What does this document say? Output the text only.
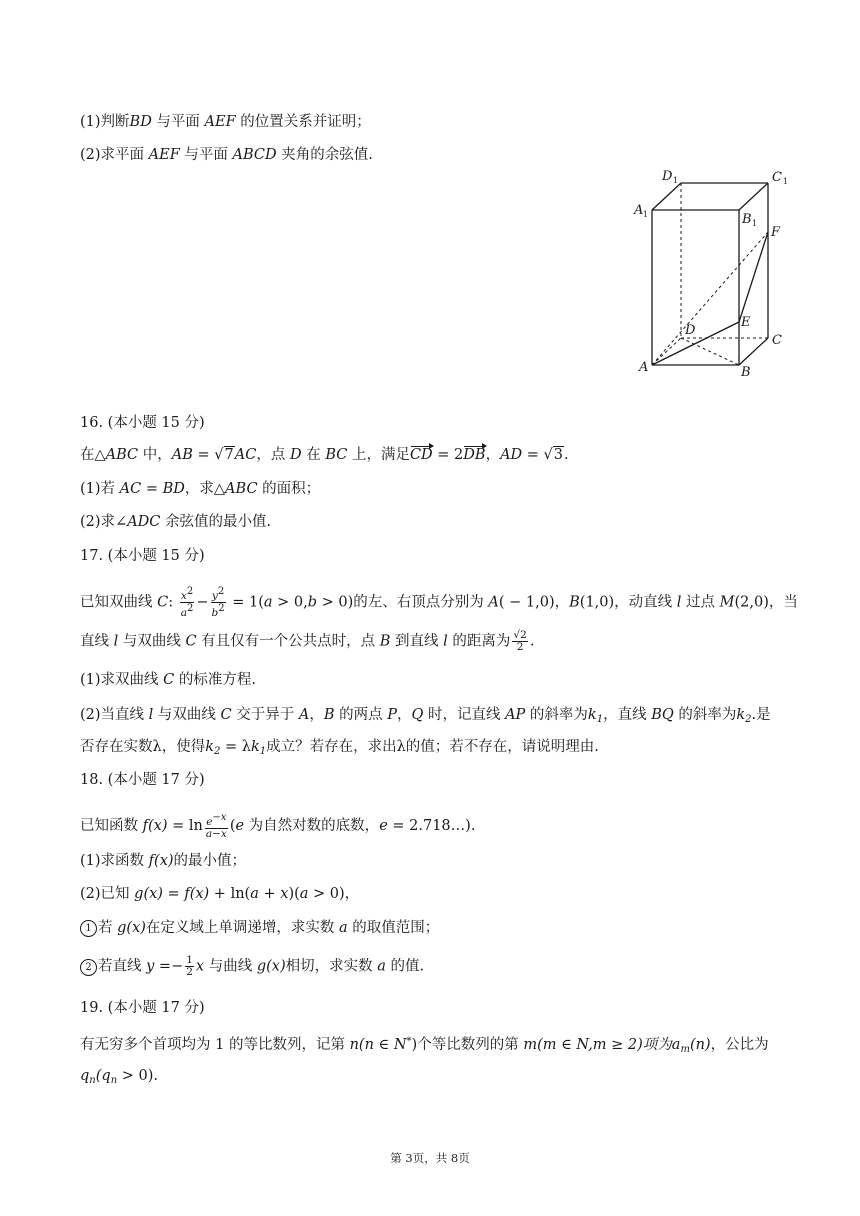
(1)判断BD 与平面 AEF 的位置关系并证明；
(2)求平面 AEF 与平面 ABCD 夹角的余弦值.
D 1	C 1
A 1	B 1
F
E
D
C
A	B
16. (本小题 15 分)
在△ABC 中，AB = √7AC，点 D 在 BC 上，满足CD = 2DB，AD = √3.
(1)若 AC = BD，求△ABC 的面积；
(2)求∠ADC 余弦值的最小值.
17. (本小题 15 分)
已知双曲线 C: $\frac{x2}{a2} - \frac{y2}{b2} = 1(a > 0,b > 0)$的左、右顶点分别为 A( − 1,0)，B(1,0)，动直线 l 过点 M(2,0)，当
直线 l 与双曲线 C 有且仅有一个公共点时，点 B 到直线 l 的距离为 $\frac{√2}{2}$ .
(1)求双曲线 C 的标准方程.
(2)当直线 l 与双曲线 C 交于异于 A，B 的两点 P，Q 时，记直线 AP 的斜率为$k_1$，直线 BQ 的斜率为$k_2$.是
否存在实数λ，使得$k_2 = \lambda k_1$成立？若存在，求出λ的值；若不存在，请说明理由.
18. (本小题 17 分)
已知函数 $f(x) = \ln \frac{e-x}{a-x} (e$ 为自然对数的底数，e = 2.718…).
(1)求函数 f(x)的最小值；
(2)已知 g(x) = f(x) + ln(a + x)(a > 0)，
1 若 g(x)在定义域上单调递增，求实数 a 的取值范围；
2 若直线 $y =- \frac{1}{2}$ x 与曲线 g(x)相切，求实数 a 的值.
19. (本小题 17 分)
有无穷多个首项均为 1 的等比数列，记第 n(n ∈ N*)个等比数列的第 m(m ∈ N,m ≥ 2)项为$a_m(n)$，公比为
$q_n(q_n > 0)$.
第 3页，共 8页
